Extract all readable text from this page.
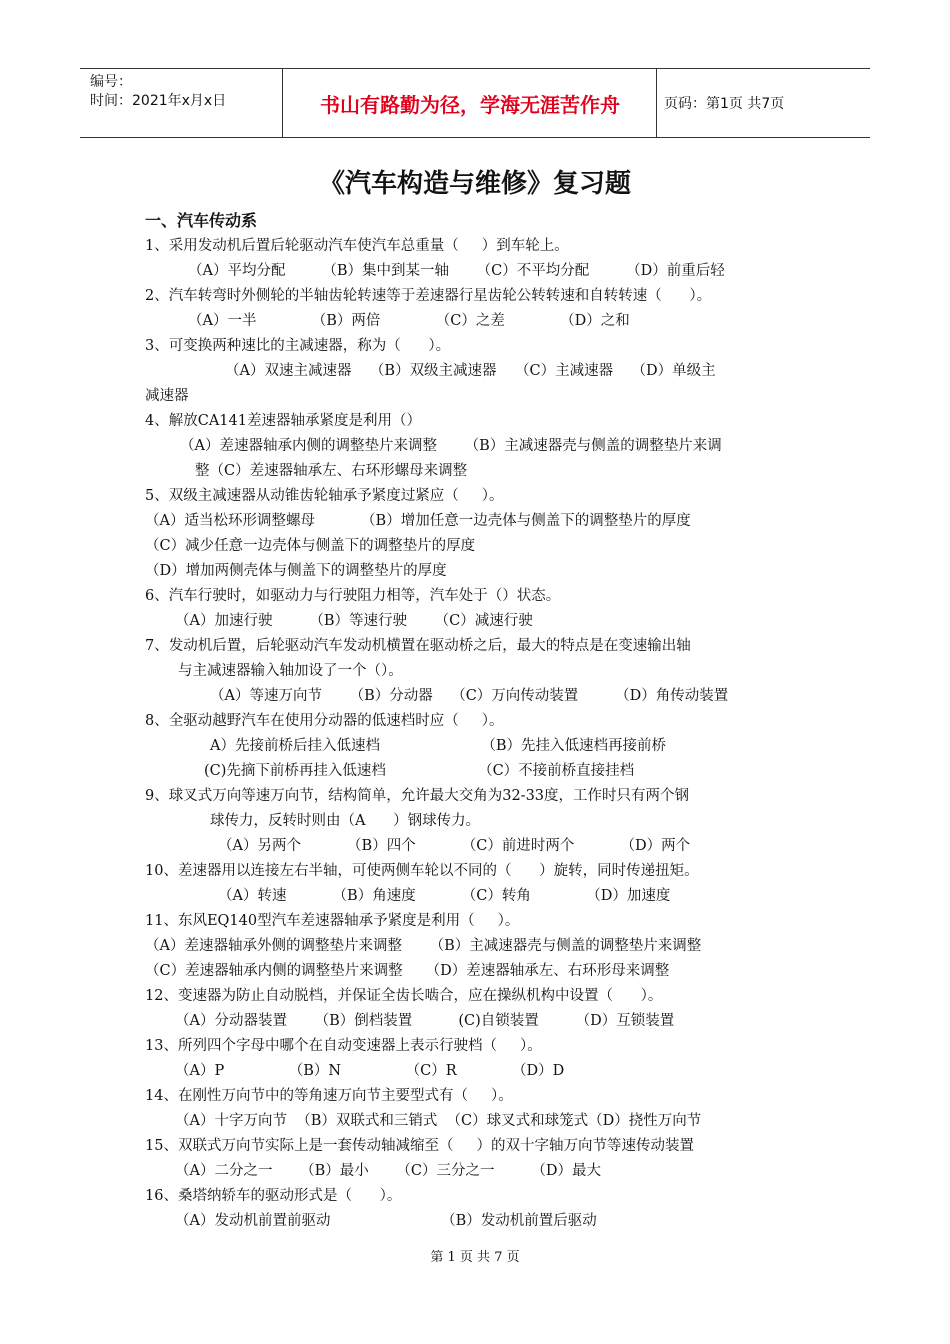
编号：
时间：2021年x月x日	书山有路勤为径，学海无涯苦作舟	页码：第1页 共7页
《汽车构造与维修》复习题
一、汽车传动系
1、采用发动机后置后轮驱动汽车使汽车总重量（     ）到车轮上。
（A）平均分配        （B）集中到某一轴      （C）不平均分配        （D）前重后轻
2、汽车转弯时外侧轮的半轴齿轮转速等于差速器行星齿轮公转转速和自转转速（      ）。
（A）一半            （B）两倍            （C）之差            （D）之和
3、可变换两种速比的主减速器，称为（      ）。
（A）双速主减速器    （B）双级主减速器    （C）主减速器    （D）单级主
减速器
4、解放CA141差速器轴承紧度是利用（）
（A）差速器轴承内侧的调整垫片来调整      （B）主减速器壳与侧盖的调整垫片来调
整（C）差速器轴承左、右环形螺母来调整
5、双级主减速器从动锥齿轮轴承予紧度过紧应（     ）。
（A）适当松环形调整螺母          （B）增加任意一边壳体与侧盖下的调整垫片的厚度
（C）减少任意一边壳体与侧盖下的调整垫片的厚度
（D）增加两侧壳体与侧盖下的调整垫片的厚度
6、汽车行驶时，如驱动力与行驶阻力相等，汽车处于（）状态。
（A）加速行驶        （B）等速行驶      （C）减速行驶
7、发动机后置，后轮驱动汽车发动机横置在驱动桥之后，最大的特点是在变速输出轴
与主减速器输入轴加设了一个（）。
（A）等速万向节      （B）分动器    （C）万向传动装置        （D）角传动装置
8、全驱动越野汽车在使用分动器的低速档时应（     ）。
A）先接前桥后挂入低速档                      （B）先挂入低速档再接前桥
(C)先摘下前桥再挂入低速档                    （C）不接前桥直接挂档
9、球叉式万向等速万向节，结构简单，允许最大交角为32-33度，工作时只有两个钢
球传力，反转时则由（A      ）钢球传力。
（A）另两个          （B）四个          （C）前进时两个          （D）两个
10、差速器用以连接左右半轴，可使两侧车轮以不同的（      ）旋转，同时传递扭矩。
（A）转速          （B）角速度          （C）转角            （D）加速度
11、东风EQ140型汽车差速器轴承予紧度是利用（     ）。
（A）差速器轴承外侧的调整垫片来调整      （B）主减速器壳与侧盖的调整垫片来调整
（C）差速器轴承内侧的调整垫片来调整     （D）差速器轴承左、右环形母来调整
12、变速器为防止自动脱档，并保证全齿长啮合，应在操纵机构中设置（      ）。
（A）分动器装置      （B）倒档装置          (C)自锁装置        （D）互锁装置
13、所列四个字母中哪个在自动变速器上表示行驶档（     ）。
（A）P              （B）N              （C）R            （D）D
14、在刚性万向节中的等角速万向节主要型式有（     ）。
（A）十字万向节  （B）双联式和三销式  （C）球叉式和球笼式（D）挠性万向节
15、双联式万向节实际上是一套传动轴减缩至（     ）的双十字轴万向节等速传动装置
（A）二分之一      （B）最小      （C）三分之一        （D）最大
16、桑塔纳轿车的驱动形式是（      ）。
（A）发动机前置前驱动                        （B）发动机前置后驱动
第 1 页 共 7 页
